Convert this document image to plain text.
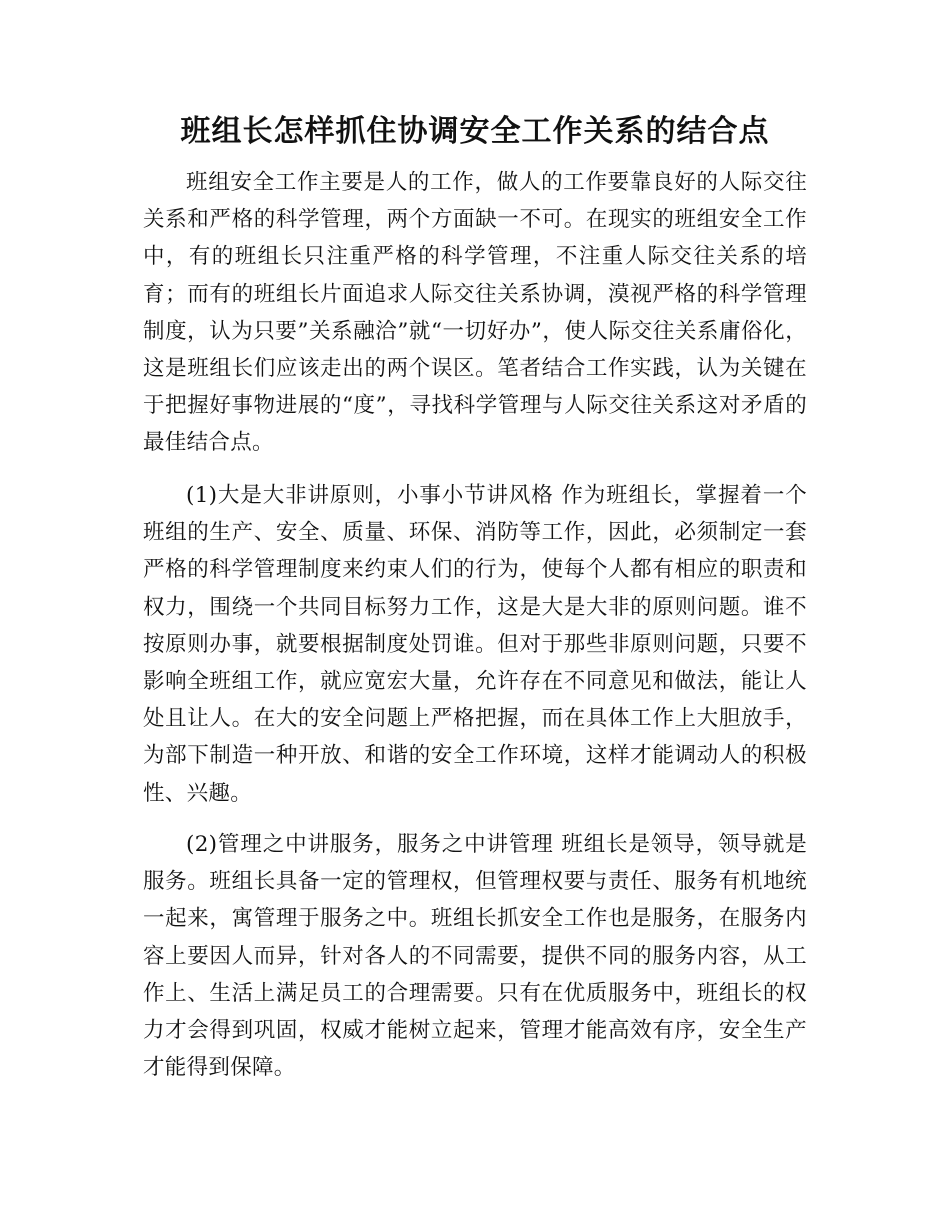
班组长怎样抓住协调安全工作关系的结合点

班组安全工作主要是人的工作，做人的工作要靠良好的人际交往关系和严格的科学管理，两个方面缺一不可。在现实的班组安全工作中，有的班组长只注重严格的科学管理，不注重人际交往关系的培育；而有的班组长片面追求人际交往关系协调，漠视严格的科学管理制度，认为只要”关系融洽”就“一切好办”，使人际交往关系庸俗化，这是班组长们应该走出的两个误区。笔者结合工作实践，认为关键在于把握好事物进展的“度”，寻找科学管理与人际交往关系这对矛盾的最佳结合点。

(1)大是大非讲原则，小事小节讲风格 作为班组长，掌握着一个班组的生产、安全、质量、环保、消防等工作，因此，必须制定一套严格的科学管理制度来约束人们的行为，使每个人都有相应的职责和权力，围绕一个共同目标努力工作，这是大是大非的原则问题。谁不按原则办事，就要根据制度处罚谁。但对于那些非原则问题，只要不影响全班组工作，就应宽宏大量，允许存在不同意见和做法，能让人处且让人。在大的安全问题上严格把握，而在具体工作上大胆放手，为部下制造一种开放、和谐的安全工作环境，这样才能调动人的积极性、兴趣。

(2)管理之中讲服务，服务之中讲管理 班组长是领导，领导就是服务。班组长具备一定的管理权，但管理权要与责任、服务有机地统一起来，寓管理于服务之中。班组长抓安全工作也是服务，在服务内容上要因人而异，针对各人的不同需要，提供不同的服务内容，从工作上、生活上满足员工的合理需要。只有在优质服务中，班组长的权力才会得到巩固，权威才能树立起来，管理才能高效有序，安全生产才能得到保障。
